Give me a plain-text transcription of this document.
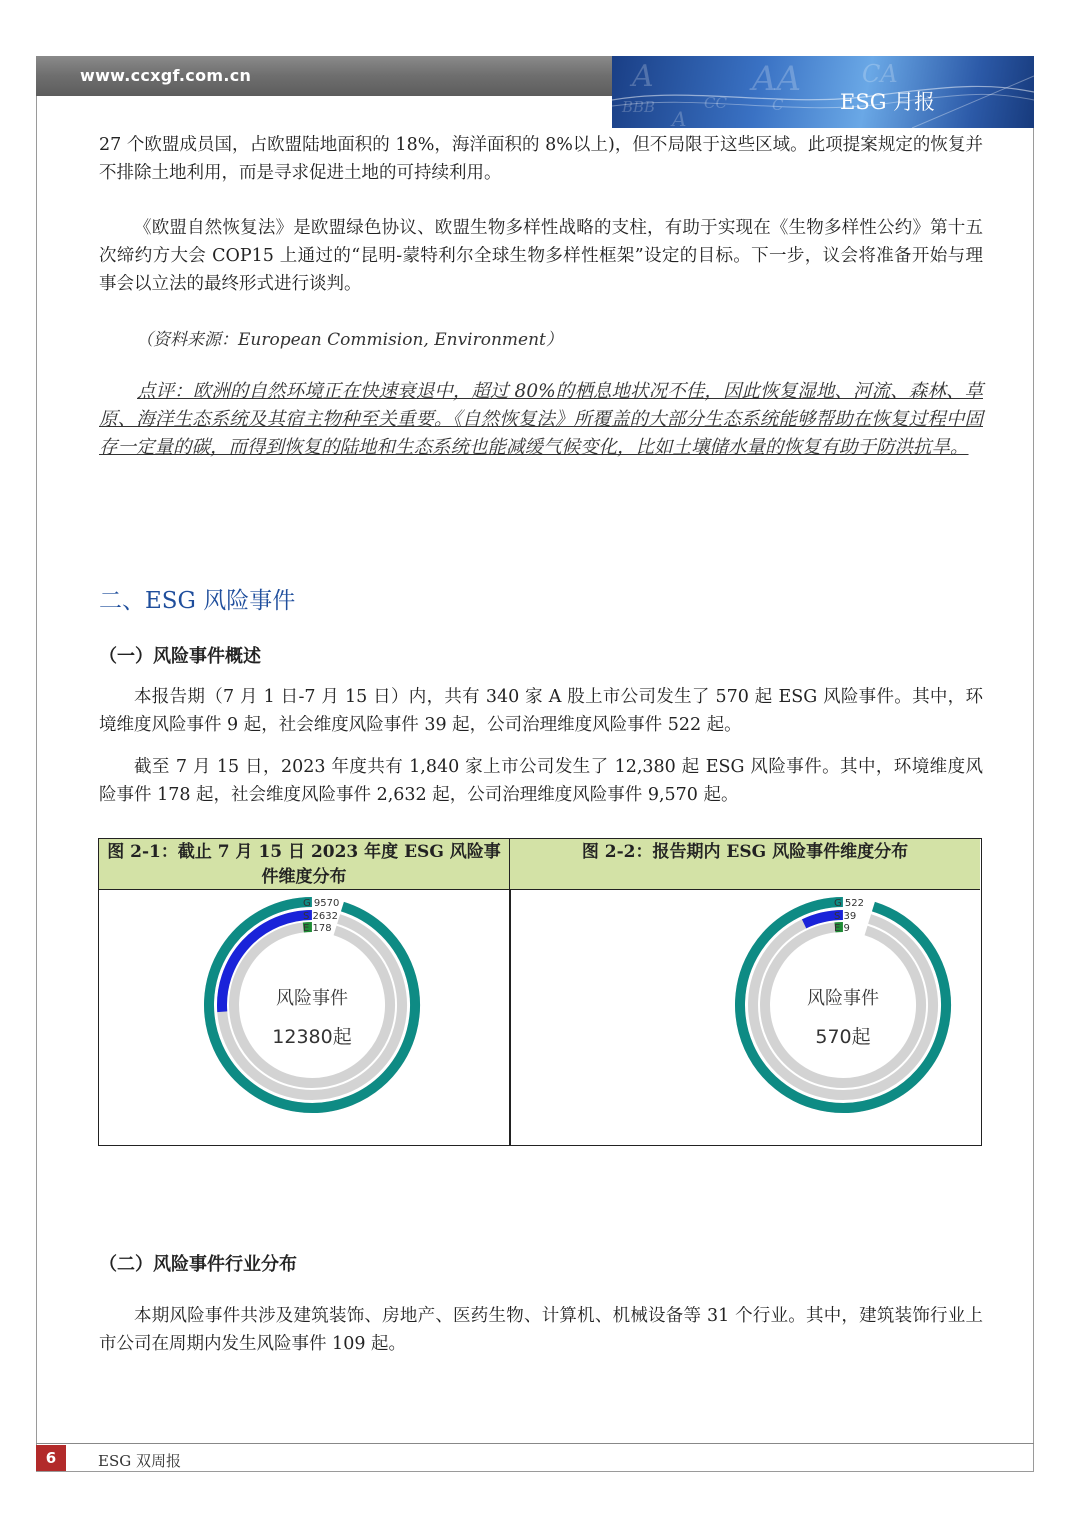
www.ccxgf.com.cn	A	AA	CA
BBB	CC	C
A
ESG 月报

27 个欧盟成员国，占欧盟陆地面积的 18%，海洋面积的 8%以上)，但不局限于这些区域。此项提案规定的恢复并不排除土地利用，而是寻求促进土地的可持续利用。

《欧盟自然恢复法》是欧盟绿色协议、欧盟生物多样性战略的支柱，有助于实现在《生物多样性公约》第十五次缔约方大会 COP15 上通过的“昆明-蒙特利尔全球生物多样性框架”设定的目标。下一步，议会将准备开始与理事会以立法的最终形式进行谈判。

（资料来源：European Commision, Environment）

点评：欧洲的自然环境正在快速衰退中，超过 80%的栖息地状况不佳，因此恢复湿地、河流、森林、草原、海洋生态系统及其宿主物种至关重要。《自然恢复法》所覆盖的大部分生态系统能够帮助在恢复过程中固存一定量的碳，而得到恢复的陆地和生态系统也能减缓气候变化，比如土壤储水量的恢复有助于防洪抗旱。

二、ESG 风险事件
（一）风险事件概述

本报告期（7 月 1 日-7 月 15 日）内，共有 340 家 A 股上市公司发生了 570 起 ESG 风险事件。其中，环境维度风险事件 9 起，社会维度风险事件 39 起，公司治理维度风险事件 522 起。

截至 7 月 15 日，2023 年度共有 1,840 家上市公司发生了 12,380 起 ESG 风险事件。其中，环境维度风险事件 178 起，社会维度风险事件 2,632 起，公司治理维度风险事件 9,570 起。

图 2-1：截止 7 月 15 日 2023 年度 ESG 风险事件维度分布
图 2-2：报告期内 ESG 风险事件维度分布
G 9570
S 2632
E 178
风险事件
12380起
G 522
S 39
E 9
风险事件
570起
（二）风险事件行业分布

本期风险事件共涉及建筑装饰、房地产、医药生物、计算机、机械设备等 31 个行业。其中，建筑装饰行业上市公司在周期内发生风险事件 109 起。

6	ESG 双周报
